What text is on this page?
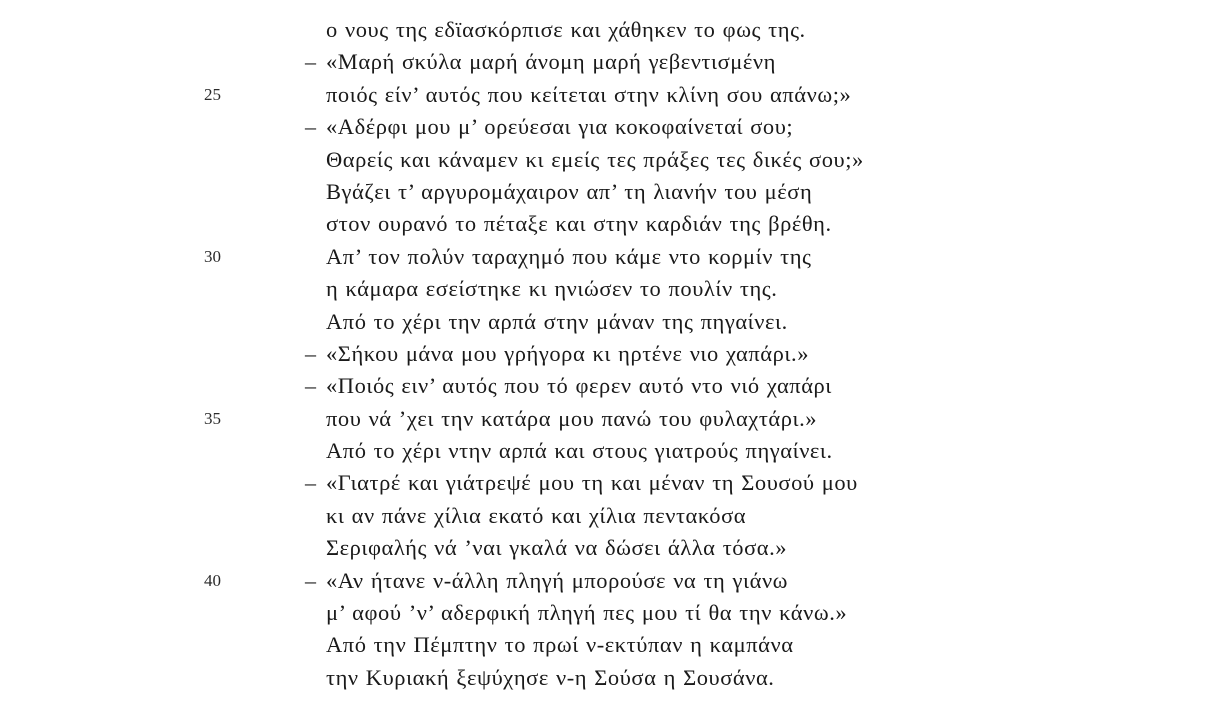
ο νους της εδϊασκόρπισε και χάθηκεν το φως της.
– «Μαρή σκύλα μαρή άνομη μαρή γεβεντισμένη
25	ποιός είν’ αυτός που κείτεται στην κλίνη σου απάνω;»
– «Αδέρφι μου μ’ ορεύεσαι για κοκοφαίνεταί σου;
Θαρείς και κάναμεν κι εμείς τες πράξες τες δικές σου;»
Βγάζει τ’ αργυρομάχαιρον απ’ τη λιανήν του μέση
στον ουρανό το πέταξε και στην καρδιάν της βρέθη.
30	Απ’ τον πολύν ταραχημό που κάμε ντο κορμίν της
η κάμαρα εσείστηκε κι ηνιώσεν το πουλίν της.
Από το χέρι την αρπά στην μάναν της πηγαίνει.
– «Σήκου μάνα μου γρήγορα κι ηρτένε νιο χαπάρι.»
– «Ποιός ειν’ αυτός που τό φερεν αυτό ντο νιό χαπάρι
35	που νά ’χει την κατάρα μου πανώ του φυλαχτάρι.»
Από το χέρι ντην αρπά και στους γιατρούς πηγαίνει.
– «Γιατρέ και γιάτρεψέ μου τη και μέναν τη Σουσού μου
κι αν πάνε χίλια εκατό και χίλια πεντακόσα
Σεριφαλής νά ’ναι γκαλά να δώσει άλλα τόσα.»
40	– «Αν ήτανε ν-άλλη πληγή μπορούσε να τη γιάνω
μ’ αφού ’ν’ αδερφική πληγή πες μου τί θα την κάνω.»
Από την Πέμπτην το πρωί ν-εκτύπαν η καμπάνα
την Κυριακή ξεψύχησε ν-η Σούσα η Σουσάνα.
